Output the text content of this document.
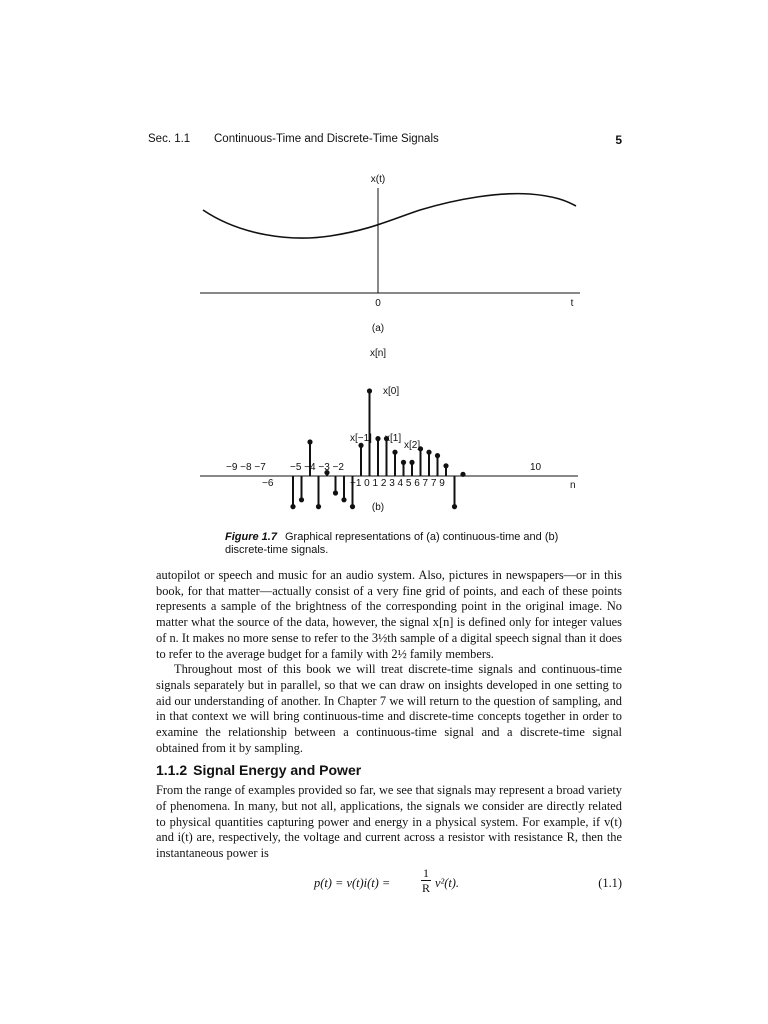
Sec. 1.1 Continuous-Time and Discrete-Time Signals	5
x(t)
0	t
(a)
x[n]
x[0]
x[−1] x[1]
x[2]
−9 −8 −7 −5 −4 −3 −2
−6	−1 0 1 2 3 4 5 6 7 7 9
10
n
(b)
Figure 1.7 Graphical representations of (a) continuous-time and (b) discrete-time signals.

autopilot or speech and music for an audio system. Also, pictures in newspapers—or in this book, for that matter—actually consist of a very fine grid of points, and each of these points represents a sample of the brightness of the corresponding point in the original image. No matter what the source of the data, however, the signal x[n] is defined only for integer values of n. It makes no more sense to refer to the 3½th sample of a digital speech signal than it does to refer to the average budget for a family with 2½ family members.

Throughout most of this book we will treat discrete-time signals and continuous-time signals separately but in parallel, so that we can draw on insights developed in one setting to aid our understanding of another. In Chapter 7 we will return to the question of sampling, and in that context we will bring continuous-time and discrete-time concepts together in order to examine the relationship between a continuous-time signal and a discrete-time signal obtained from it by sampling.

1.1.2 Signal Energy and Power

From the range of examples provided so far, we see that signals may represent a broad variety of phenomena. In many, but not all, applications, the signals we consider are directly related to physical quantities capturing power and energy in a physical system. For example, if v(t) and i(t) are, respectively, the voltage and current across a resistor with resistance R, then the instantaneous power is

p(t) = v(t)i(t) =	$\frac{1}{R} v^2(t)$.	(1.1)
